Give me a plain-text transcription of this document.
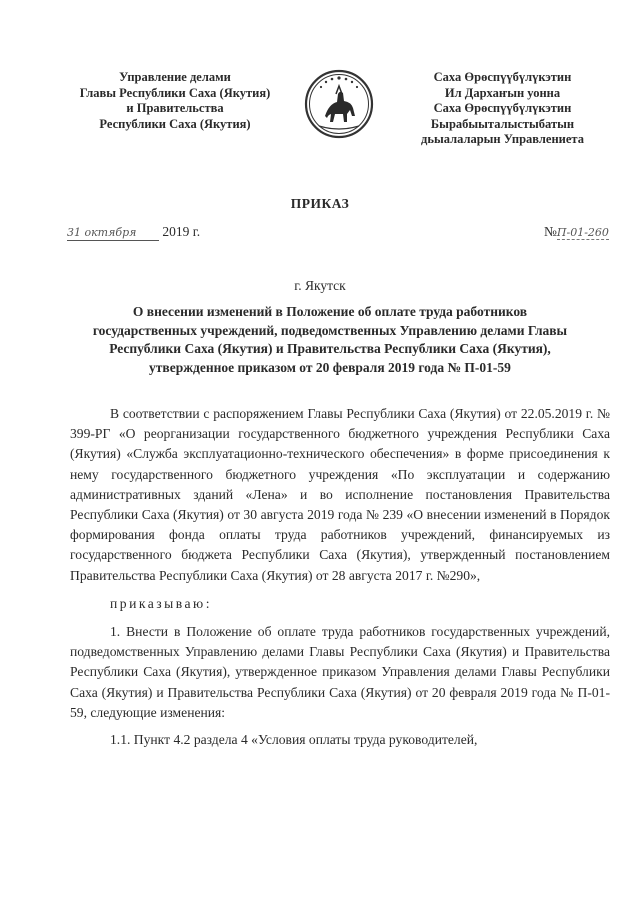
Управление делами
Главы Республики Саха (Якутия)
и Правительства
Республики Саха (Якутия)
Саха Өрөспүүбүлүкэтин
Ил Дархаҥын уонна
Саха Өрөспүүбүлүкэтин
Бырабыыталыстыбатын
дьыалаларын Управлениета
ПРИКАЗ
31 октября 2019 г.	№П-01-260
г. Якутск
О внесении изменений в Положение об оплате труда работников
государственных учреждений, подведомственных Управлению делами Главы
Республики Саха (Якутия) и Правительства Республики Саха (Якутия),
утвержденное приказом от 20 февраля 2019 года № П-01-59

В соответствии с распоряжением Главы Республики Саха (Якутия) от 22.05.2019 г. № 399-РГ «О реорганизации государственного бюджетного учреждения Республики Саха (Якутия) «Служба эксплуатационно-технического обеспечения» в форме присоединения к нему государственного бюджетного учреждения «По эксплуатации и содержанию административных зданий «Лена» и во исполнение постановления Правительства Республики Саха (Якутия) от 30 августа 2019 года № 239 «О внесении изменений в Порядок формирования фонда оплаты труда работников учреждений, финансируемых из государственного бюджета Республики Саха (Якутия), утвержденный постановлением Правительства Республики Саха (Якутия) от 28 августа 2017 г. №290»,

приказываю:

1. Внести в Положение об оплате труда работников государственных учреждений, подведомственных Управлению делами Главы Республики Саха (Якутия) и Правительства Республики Саха (Якутия), утвержденное приказом Управления делами Главы Республики Саха (Якутия) и Правительства Республики Саха (Якутия) от 20 февраля 2019 года № П-01-59, следующие изменения:

1.1. Пункт 4.2 раздела 4 «Условия оплаты труда руководителей,
